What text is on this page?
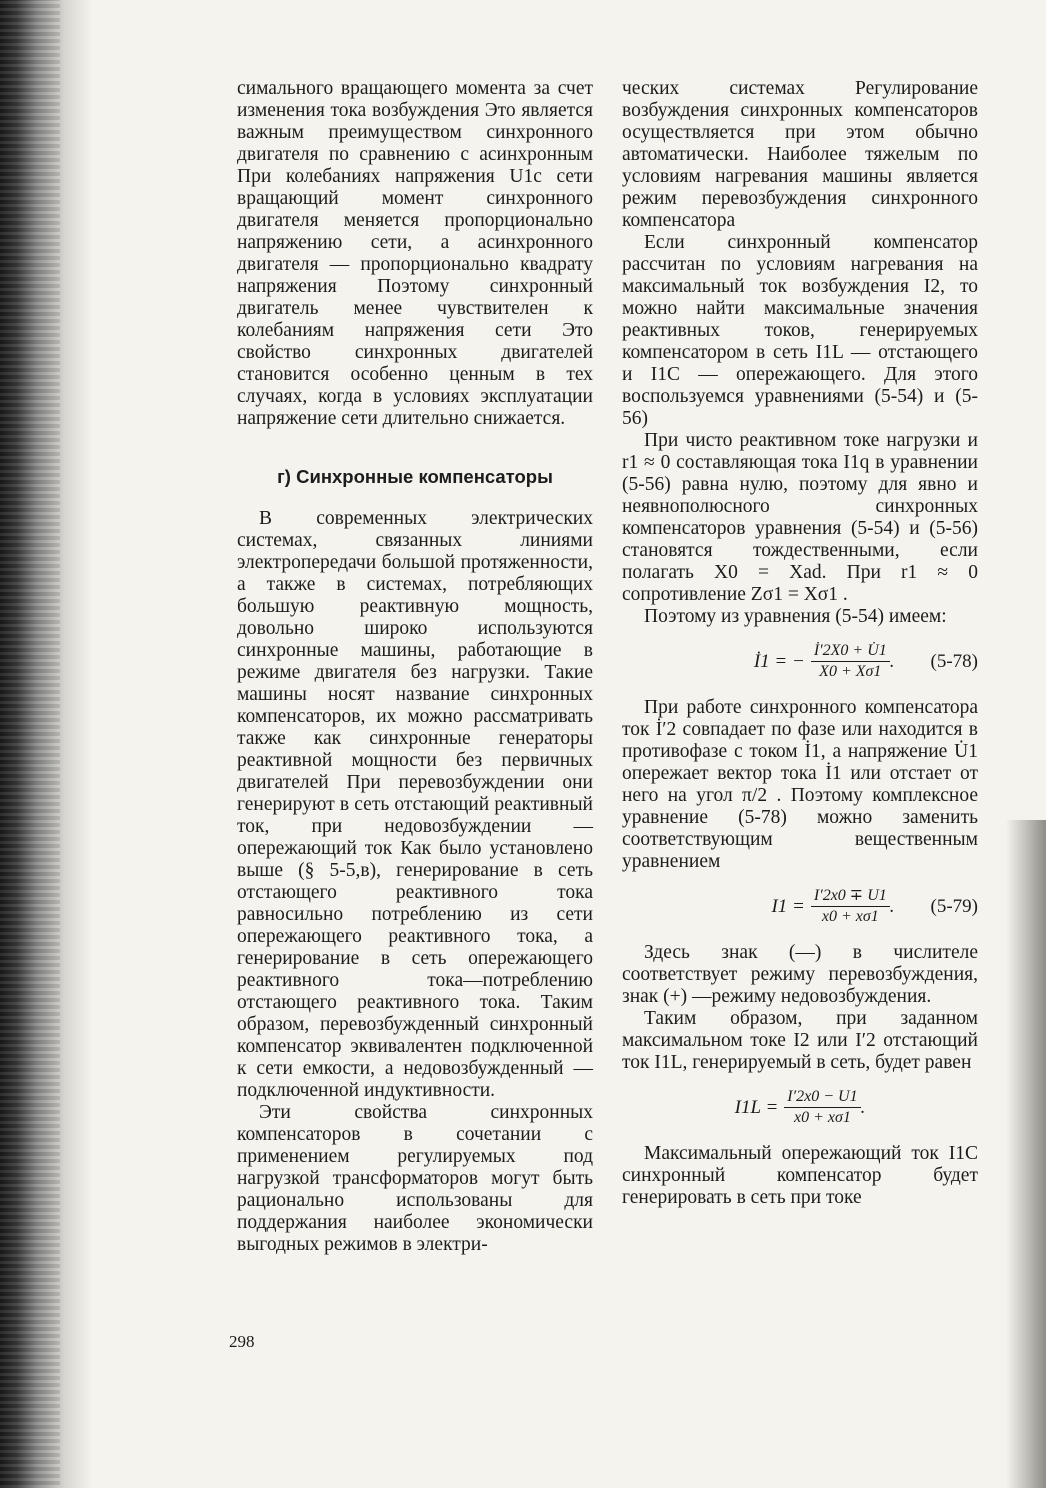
симального вращающего момента за счет изменения тока возбуждения Это является важным преимуществом синхронного двигателя по сравнению с асинхронным При колебаниях напряжения U1c сети вращающий момент синхронного двигателя меняется пропорционально напряжению сети, а асинхронного двигателя — пропорционально квадрату напряжения Поэтому синхронный двигатель менее чувствителен к колебаниям напряжения сети Это свойство синхронных двигателей становится особенно ценным в тех случаях, когда в условиях эксплуатации напряжение сети длительно снижается.

г) Синхронные компенсаторы

В современных электрических системах, связанных линиями электропередачи большой протяженности, а также в системах, потребляющих большую реактивную мощность, довольно широко используются синхронные машины, работающие в режиме двигателя без нагрузки. Такие машины носят название синхронных компенсаторов, их можно рассматривать также как синхронные генераторы реактивной мощности без первичных двигателей При перевозбуждении они генерируют в сеть отстающий реактивный ток, при недовозбуждении — опережающий ток Как было установлено выше (§ 5-5,в), генерирование в сеть отстающего реактивного тока равносильно потреблению из сети опережающего реактивного тока, а генерирование в сеть опережающего реактивного тока—потреблению отстающего реактивного тока. Таким образом, перевозбужденный синхронный компенсатор эквивалентен подключенной к сети емкости, а недовозбужденный — подключенной индуктивности.

Эти свойства синхронных компенсаторов в сочетании с применением регулируемых под нагрузкой трансформаторов могут быть рационально использованы для поддержания наиболее экономически выгодных режимов в электри-

ческих системах Регулирование возбуждения синхронных компенсаторов осуществляется при этом обычно автоматически. Наиболее тяжелым по условиям нагревания машины является режим перевозбуждения синхронного компенсатора

Если синхронный компенсатор рассчитан по условиям нагревания на максимальный ток возбуждения I2, то можно найти максимальные значения реактивных токов, генерируемых компенсатором в сеть I1L — отстающего и I1C — опережающего. Для этого воспользуемся уравнениями (5-54) и (5-56)

При чисто реактивном токе нагрузки и r1 ≈ 0 составляющая тока I1q в уравнении (5-56) равна нулю, поэтому для явно и неявнополюсного синхронных компенсаторов уравнения (5-54) и (5-56) становятся тождественными, если полагать X0 = Xad. При r1 ≈ 0 сопротивление Zσ1 = Xσ1 .

Поэтому из уравнения (5-54) имеем:

İ1 = − $\frac{İ'2X0 + U̇1}{X0 + X\sigma 1}$ . (5-78)

При работе синхронного компенсатора ток İ′2 совпадает по фазе или находится в противофазе с током İ1, а напряжение U̇1 опережает вектор тока İ1 или отстает от него на угол π/2 . Поэтому комплексное уравнение (5-78) можно заменить соответствующим вещественным уравнением

$I1 = \frac{I'2x0 \mp U1}{x0 + x\sigma 1}$ . (5-79)

Здесь знак (—) в числителе соответствует режиму перевозбуждения, знак (+) —режиму недовозбуждения.

Таким образом, при заданном максимальном токе I2 или I′2 отстающий ток I1L, генерируемый в сеть, будет равен

$I1L = \frac{I'2x0 - U1}{x0 + x\sigma 1}$ .

Максимальный опережающий ток I1C синхронный компенсатор будет генерировать в сеть при токе

298
